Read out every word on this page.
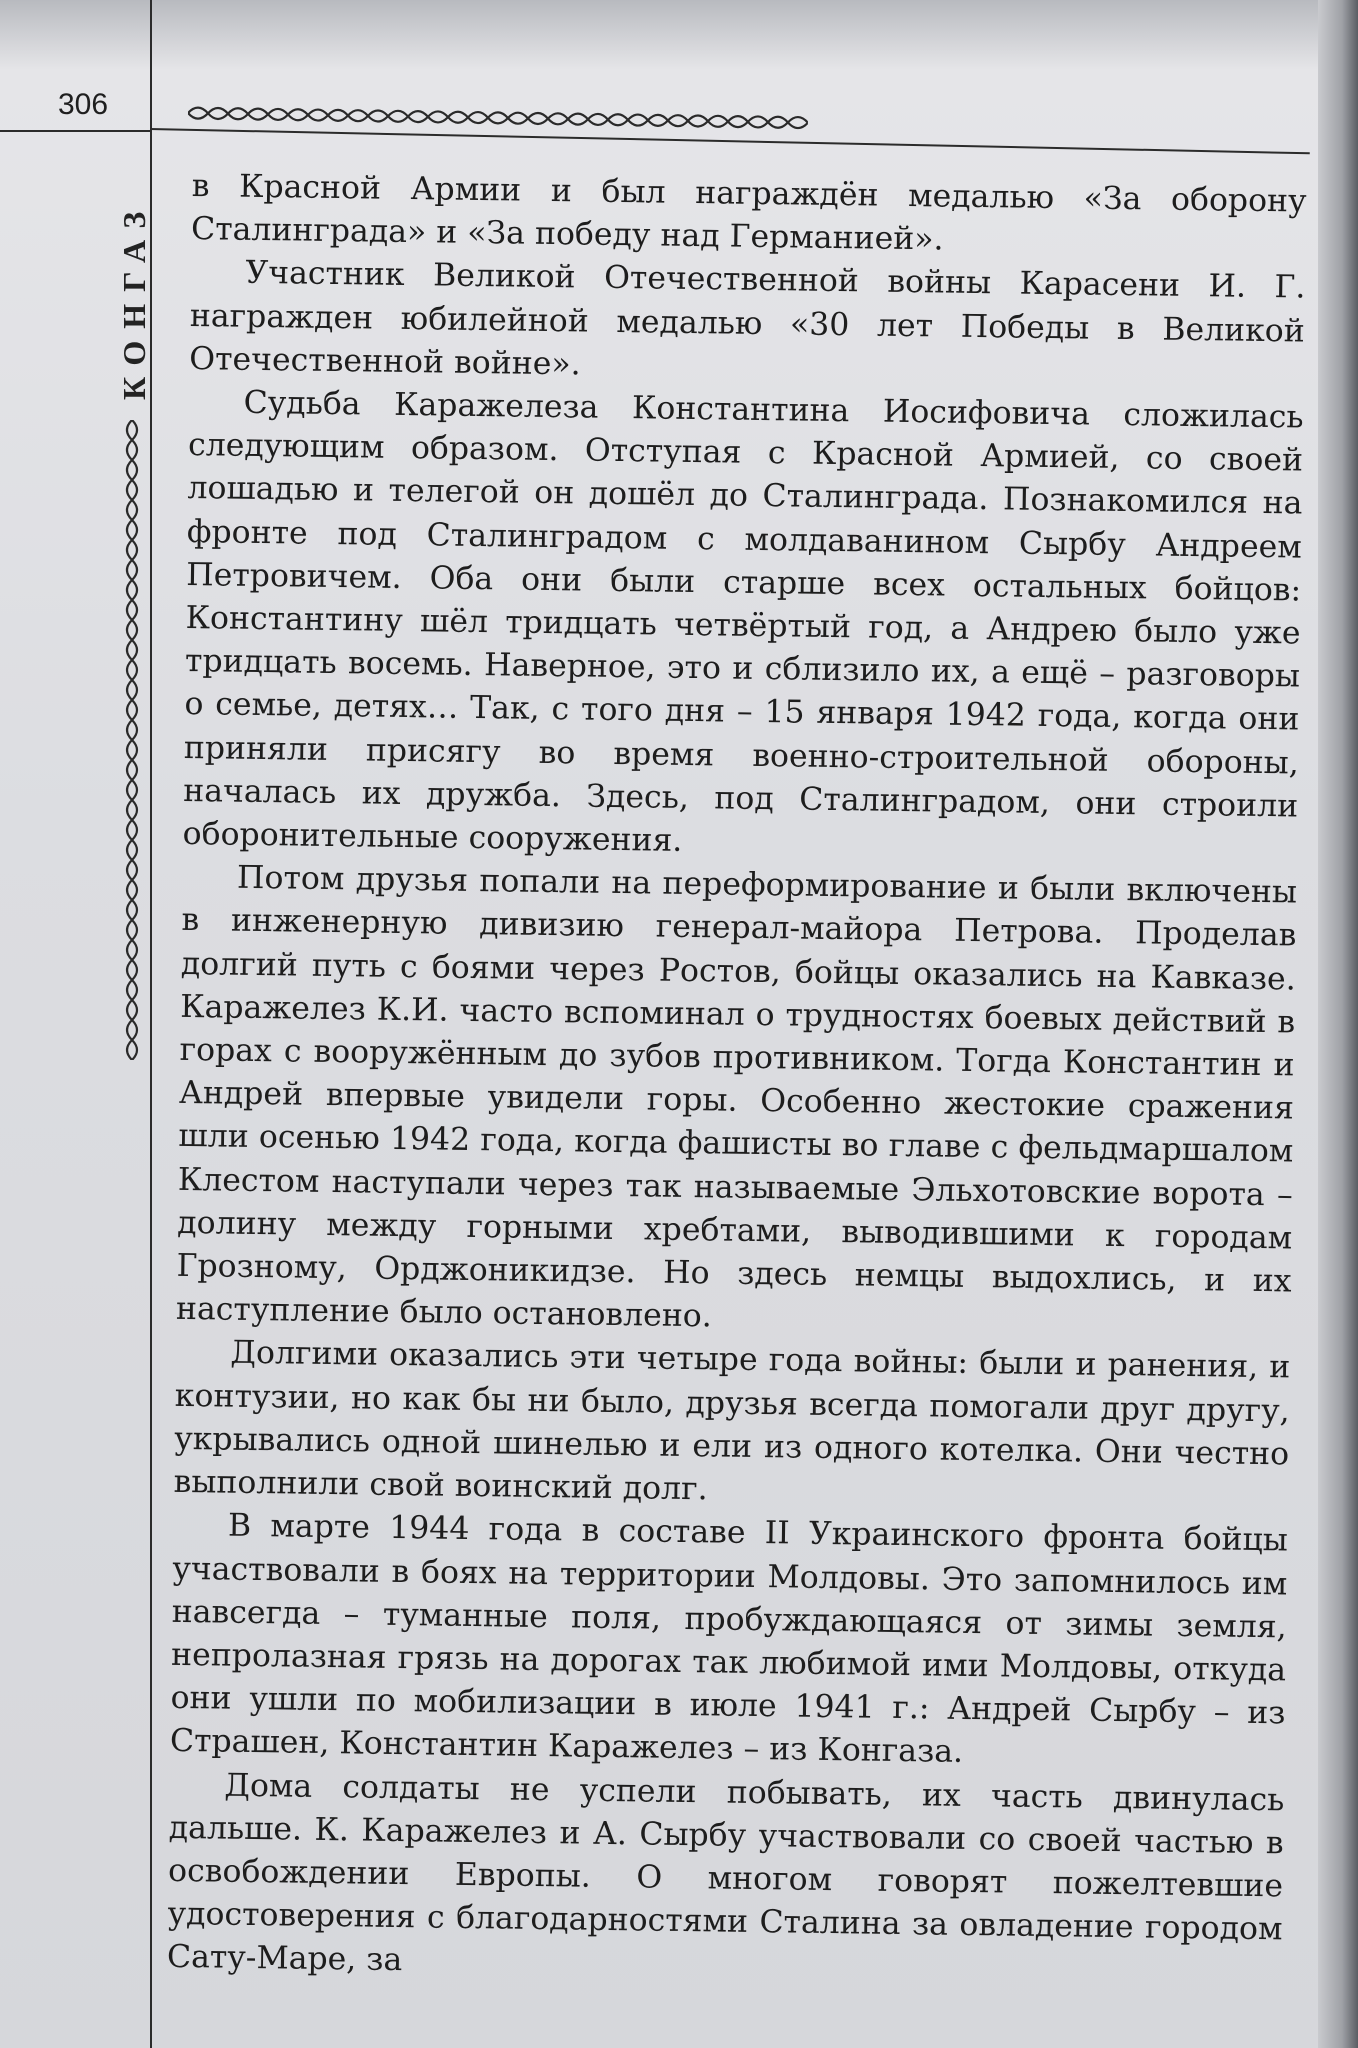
306
КОНГАЗ

в Красной Армии и был награждён медалью «За оборону Сталинграда» и «За победу над Германией».

Участник Великой Отечественной войны Карасени И. Г. награжден юбилейной медалью «30 лет Победы в Великой Отечественной войне».

Судьба Каражелеза Константина Иосифовича сложилась следующим образом. Отступая с Красной Армией, со своей лошадью и телегой он дошёл до Сталинграда. Познакомился на фронте под Сталинградом с молдаванином Сырбу Андреем Петровичем. Оба они были старше всех остальных бойцов: Константину шёл тридцать четвёртый год, а Андрею было уже тридцать восемь. Наверное, это и сблизило их, а ещё – разговоры о семье, детях… Так, с того дня – 15 января 1942 года, когда они приняли присягу во время военно-строительной обороны, началась их дружба. Здесь, под Сталинградом, они строили оборонительные сооружения.

Потом друзья попали на переформирование и были включены в инженерную дивизию генерал-майора Петрова. Проделав долгий путь с боями через Ростов, бойцы оказались на Кавказе. Каражелез К.И. часто вспоминал о трудностях боевых действий в горах с вооружённым до зубов противником. Тогда Константин и Андрей впервые увидели горы. Особенно жестокие сражения шли осенью 1942 года, когда фашисты во главе с фельдмаршалом Клестом наступали через так называемые Эльхотовские ворота – долину между горными хребтами, выводившими к городам Грозному, Орджоникидзе. Но здесь немцы выдохлись, и их наступление было остановлено.

Долгими оказались эти четыре года войны: были и ранения, и контузии, но как бы ни было, друзья всегда помогали друг другу, укрывались одной шинелью и ели из одного котелка. Они честно выполнили свой воинский долг.

В марте 1944 года в составе II Украинского фронта бойцы участвовали в боях на территории Молдовы. Это запомнилось им навсегда – туманные поля, пробуждающаяся от зимы земля, непролазная грязь на дорогах так любимой ими Молдовы, откуда они ушли по мобилизации в июле 1941 г.: Андрей Сырбу – из Страшен, Константин Каражелез – из Конгаза.

Дома солдаты не успели побывать, их часть двинулась дальше. К. Каражелез и А. Сырбу участвовали со своей частью в освобождении Европы. О многом говорят пожелтевшие удостоверения с благодарностями Сталина за овладение городом Сату-Маре, за
